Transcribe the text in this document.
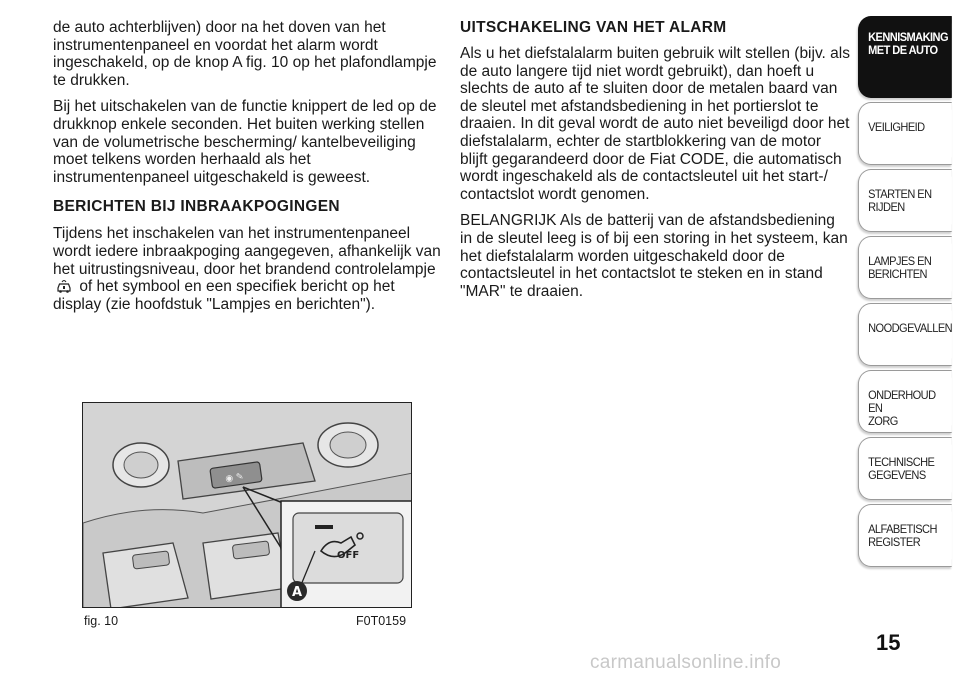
de auto achterblijven) door na het doven van het instrumentenpaneel en voordat het alarm wordt ingeschakeld, op de knop A fig. 10 op het plafondlampje te drukken.

Bij het uitschakelen van de functie knippert de led op de drukknop enkele seconden. Het buiten werking stellen van de volumetrische bescherming/ kantelbeveiliging moet telkens worden herhaald als het instrumentenpaneel uitgeschakeld is geweest.

BERICHTEN BIJ INBRAAKPOGINGEN

Tijdens het inschakelen van het instrumentenpaneel wordt iedere inbraakpoging aangegeven, afhankelijk van het uitrustingsniveau, door het brandend controlelampje  of het symbool en een specifiek bericht op het display (zie hoofdstuk "Lampjes en berichten").

UITSCHAKELING VAN HET ALARM

Als u het diefstalalarm buiten gebruik wilt stellen (bijv. als de auto langere tijd niet wordt gebruikt), dan hoeft u slechts de auto af te sluiten door de metalen baard van de sleutel met afstandsbediening in het portierslot te draaien. In dit geval wordt de auto niet beveiligd door het diefstalalarm, echter de startblokkering van de motor blijft gegarandeerd door de Fiat CODE, die automatisch wordt ingeschakeld als de contactsleutel uit het start-/ contactslot wordt genomen.

BELANGRIJK Als de batterij van de afstandsbediening in de sleutel leeg is of bij een storing in het systeem, kan het diefstalalarm worden uitgeschakeld door de contactsleutel in het contactslot te steken en in stand "MAR" te draaien.

◉ ✎
OFF
A
fig. 10	F0T0159
KENNISMAKING
MET DE AUTO
VEILIGHEID
STARTEN EN RIJDEN
LAMPJES EN
BERICHTEN
NOODGEVALLEN
ONDERHOUD EN
ZORG
TECHNISCHE
GEGEVENS
ALFABETISCH
REGISTER
15
carmanualsonline.info
